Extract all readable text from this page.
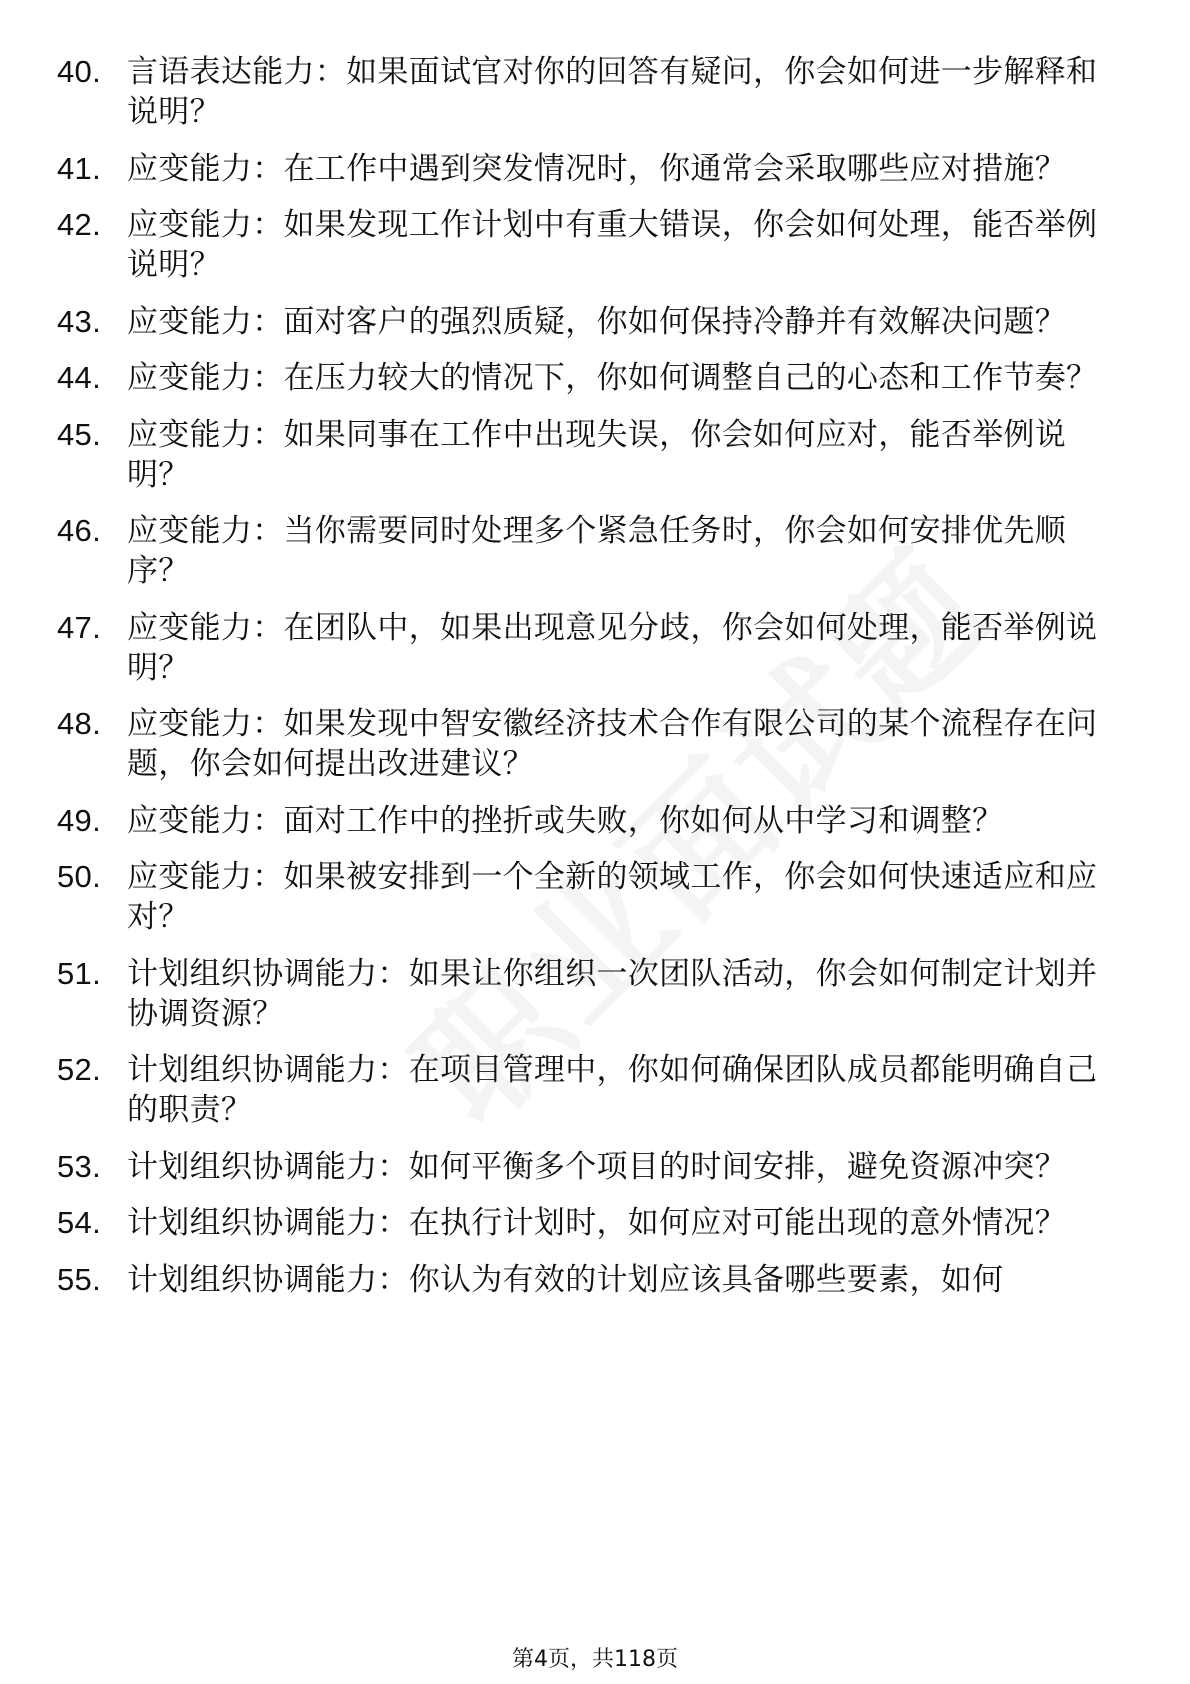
40. 言语表达能力：如果面试官对你的回答有疑问，你会如何进一步解释和说明？
41. 应变能力：在工作中遇到突发情况时，你通常会采取哪些应对措施？
42. 应变能力：如果发现工作计划中有重大错误，你会如何处理，能否举例说明？
43. 应变能力：面对客户的强烈质疑，你如何保持冷静并有效解决问题？
44. 应变能力：在压力较大的情况下，你如何调整自己的心态和工作节奏？
45. 应变能力：如果同事在工作中出现失误，你会如何应对，能否举例说明？
46. 应变能力：当你需要同时处理多个紧急任务时，你会如何安排优先顺序？
47. 应变能力：在团队中，如果出现意见分歧，你会如何处理，能否举例说明？
48. 应变能力：如果发现中智安徽经济技术合作有限公司的某个流程存在问题，你会如何提出改进建议？
49. 应变能力：面对工作中的挫折或失败，你如何从中学习和调整？
50. 应变能力：如果被安排到一个全新的领域工作，你会如何快速适应和应对？
51. 计划组织协调能力：如果让你组织一次团队活动，你会如何制定计划并协调资源？
52. 计划组织协调能力：在项目管理中，你如何确保团队成员都能明确自己的职责？
53. 计划组织协调能力：如何平衡多个项目的时间安排，避免资源冲突？
54. 计划组织协调能力：在执行计划时，如何应对可能出现的意外情况？
55. 计划组织协调能力：你认为有效的计划应该具备哪些要素，如何
第4页，共118页
